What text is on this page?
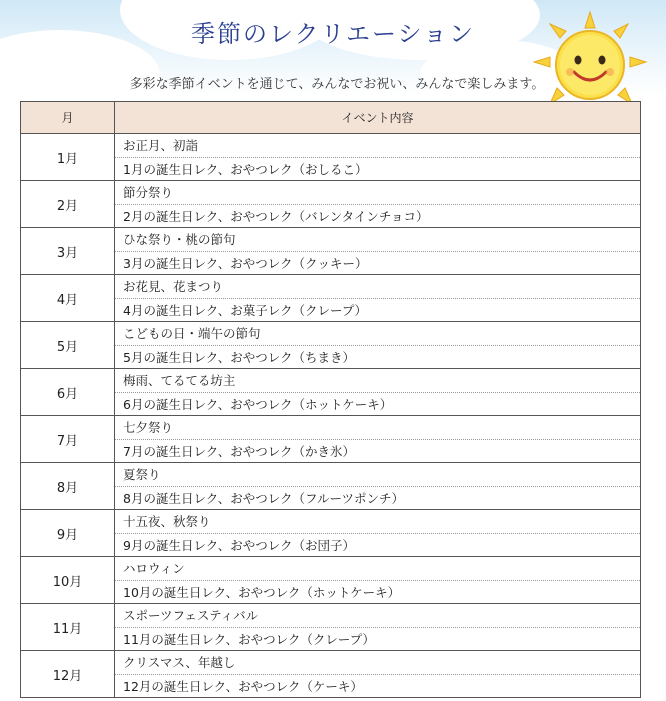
季節のレクリエーション

多彩な季節イベントを通じて、みんなでお祝い、みんなで楽しみます。

月	イベント内容
1月	お正月、初詣
	1月の誕生日レク、おやつレク（おしるこ）
2月	節分祭り
	2月の誕生日レク、おやつレク（バレンタインチョコ）
3月	ひな祭り・桃の節句
	3月の誕生日レク、おやつレク（クッキー）
4月	お花見、花まつり
	4月の誕生日レク、お菓子レク（クレープ）
5月	こどもの日・端午の節句
	5月の誕生日レク、おやつレク（ちまき）
6月	梅雨、てるてる坊主
	6月の誕生日レク、おやつレク（ホットケーキ）
7月	七夕祭り
	7月の誕生日レク、おやつレク（かき氷）
8月	夏祭り
	8月の誕生日レク、おやつレク（フルーツポンチ）
9月	十五夜、秋祭り
	9月の誕生日レク、おやつレク（お団子）
10月	ハロウィン
	10月の誕生日レク、おやつレク（ホットケーキ）
11月	スポーツフェスティバル
	11月の誕生日レク、おやつレク（クレープ）
12月	クリスマス、年越し
	12月の誕生日レク、おやつレク（ケーキ）
